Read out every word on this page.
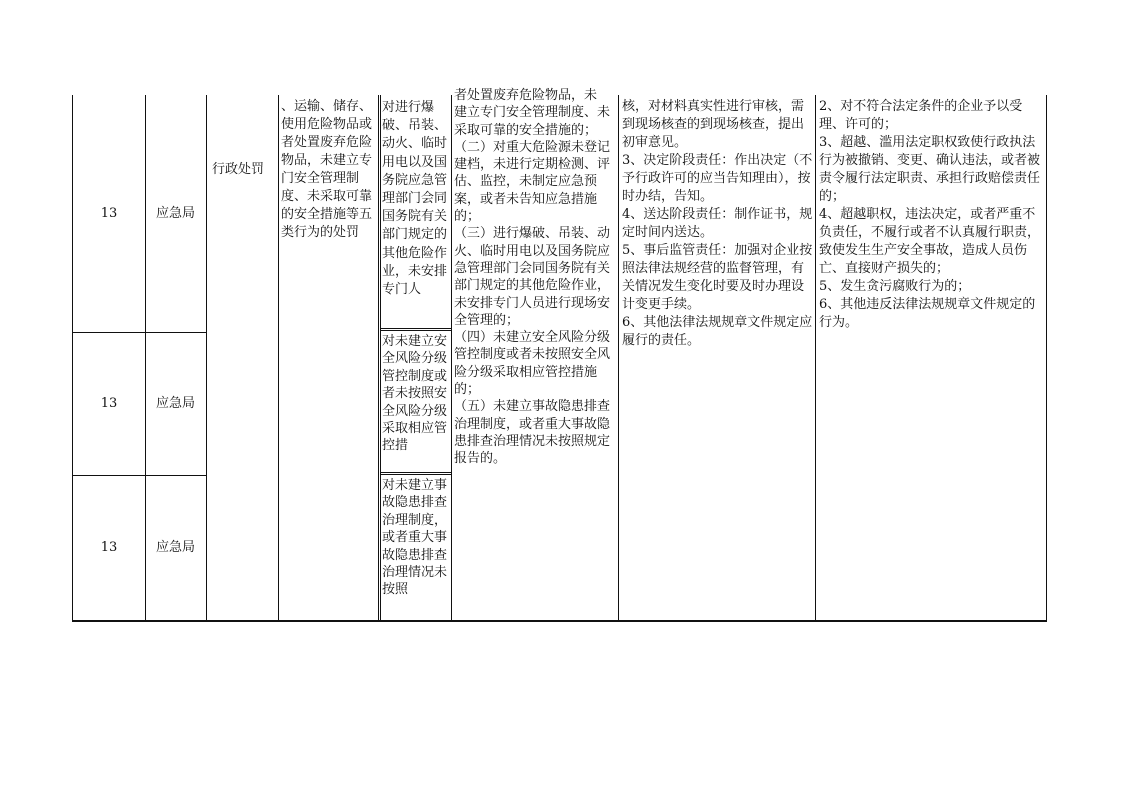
13
13
13
应急局
应急局
应急局
行政处罚
、运输、储存、使用危险物品或者处置废弃危险物品，未建立专门安全管理制度、未采取可靠的安全措施等五类行为的处罚
对进行爆破、吊装、动火、临时用电以及国务院应急管理部门会同国务院有关部门规定的其他危险作业，未安排专门人
对未建立安全风险分级管控制度或者未按照安全风险分级采取相应管控措
对未建立事故隐患排查治理制度，或者重大事故隐患排查治理情况未按照
者处置废弃危险物品，未
建立专门安全管理制度、未采取可靠的安全措施的；
（二）对重大危险源未登记建档，未进行定期检测、评估、监控，未制定应急预案，或者未告知应急措施的；
（三）进行爆破、吊装、动火、临时用电以及国务院应急管理部门会同国务院有关部门规定的其他危险作业，未安排专门人员进行现场安全管理的；
（四）未建立安全风险分级管控制度或者未按照安全风险分级采取相应管控措施的；
（五）未建立事故隐患排查治理制度，或者重大事故隐患排查治理情况未按照规定报告的。
核，对材料真实性进行审核，需到现场核查的到现场核查，提出初审意见。
3、决定阶段责任：作出决定（不予行政许可的应当告知理由），按时办结，告知。
4、送达阶段责任：制作证书，规定时间内送达。
5、事后监管责任：加强对企业按照法律法规经营的监督管理，有关情况发生变化时要及时办理设计变更手续。
6、其他法律法规规章文件规定应履行的责任。
2、对不符合法定条件的企业予以受理、许可的；
3、超越、滥用法定职权致使行政执法行为被撤销、变更、确认违法，或者被责令履行法定职责、承担行政赔偿责任的；
4、超越职权，违法决定，或者严重不负责任，不履行或者不认真履行职责，致使发生生产安全事故，造成人员伤亡、直接财产损失的；
5、发生贪污腐败行为的；
6、其他违反法律法规规章文件规定的行为。
